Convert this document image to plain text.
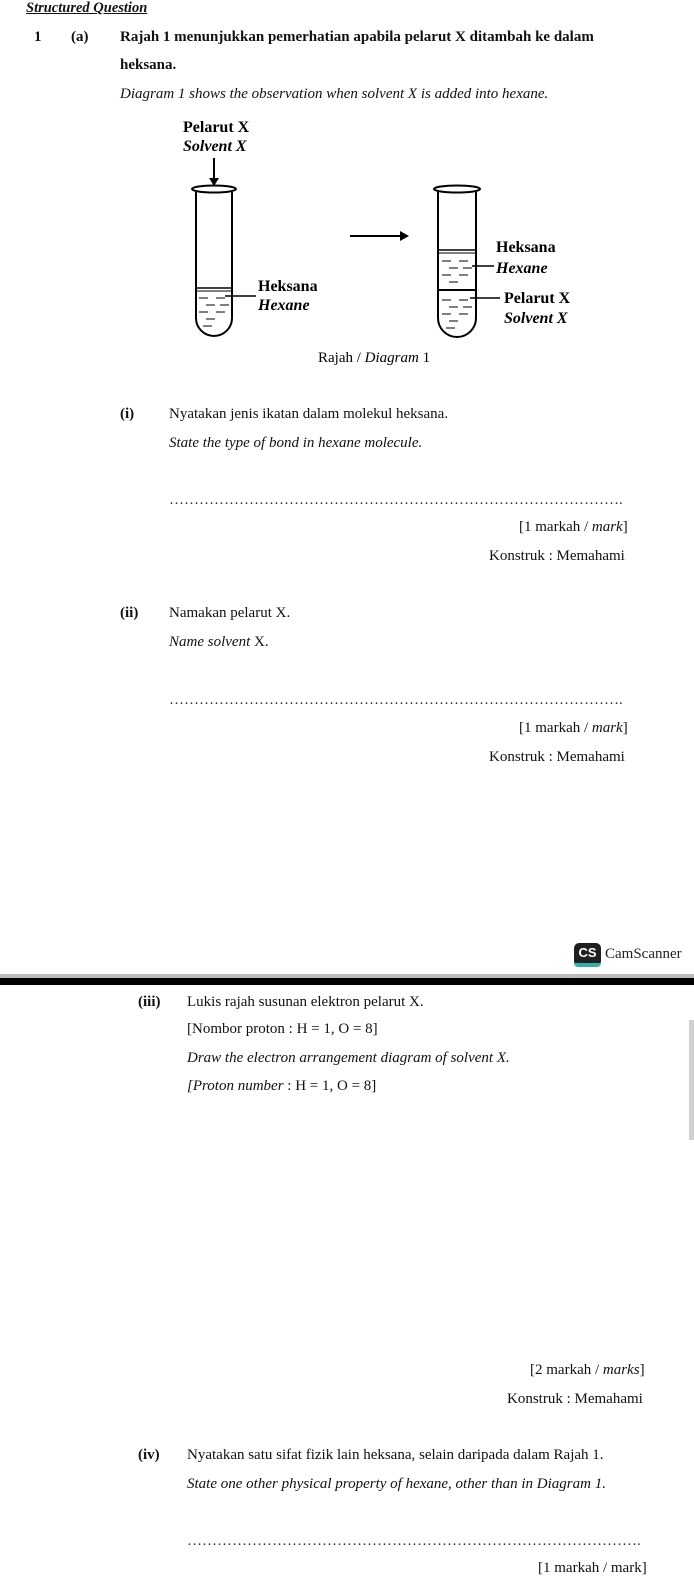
Structured Question
1 (a) Rajah 1 menunjukkan pemerhatian apabila pelarut X ditambah ke dalam
heksana.
Diagram 1 shows the observation when solvent X is added into hexane.
Pelarut X
Solvent X
Heksana
Hexane
Heksana
Hexane
Pelarut X
Solvent X
Rajah / Diagram 1
(i) Nyatakan jenis ikatan dalam molekul heksana.
State the type of bond in hexane molecule.
……………………………………………………………………………….
[1 markah / mark]
Konstruk : Memahami
(ii) Namakan pelarut X.
Name solvent X.
……………………………………………………………………………….
[1 markah / mark]
Konstruk : Memahami
CS CamScanner
(iii) Lukis rajah susunan elektron pelarut X.
[Nombor proton : H = 1, O = 8]
Draw the electron arrangement diagram of solvent X.
[Proton number : H = 1, O = 8]
[2 markah / marks]
Konstruk : Memahami
(iv) Nyatakan satu sifat fizik lain heksana, selain daripada dalam Rajah 1.
State one other physical property of hexane, other than in Diagram 1.
……………………………………………………………………………….
[1 markah / mark]
